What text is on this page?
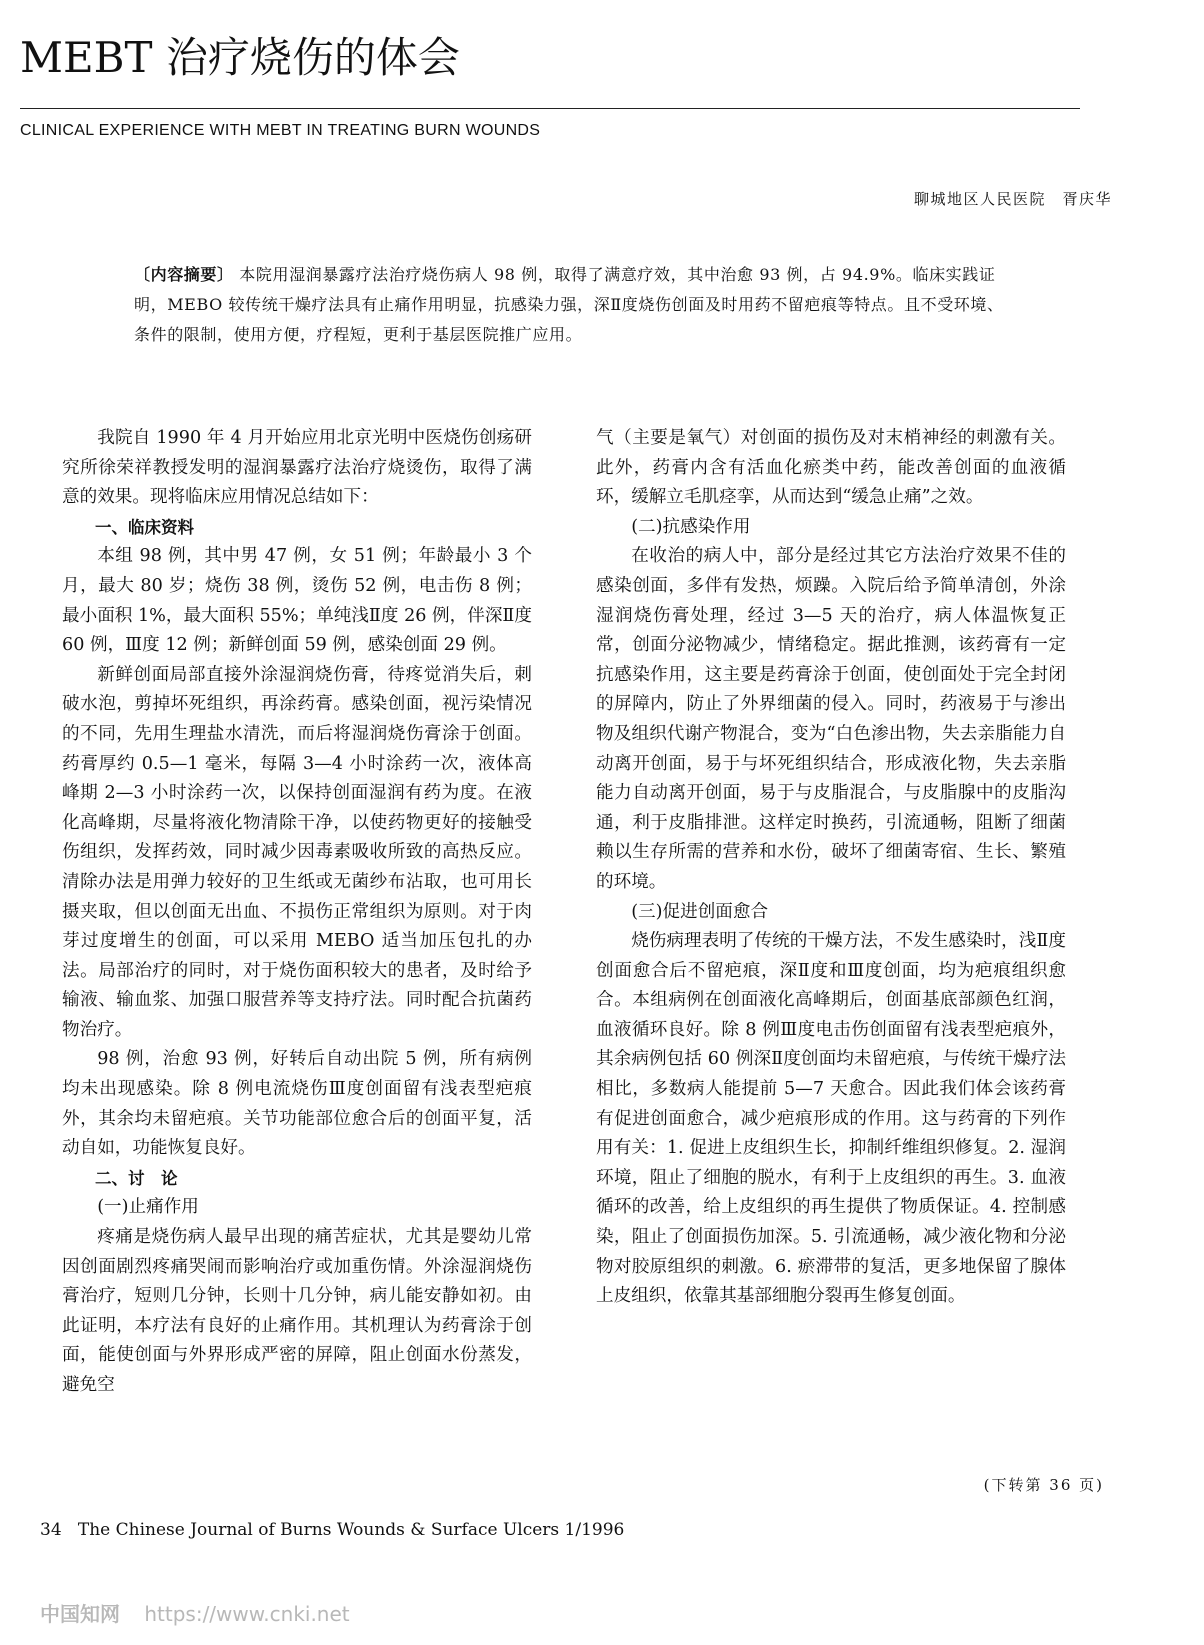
MEBT 治疗烧伤的体会
CLINICAL EXPERIENCE WITH MEBT IN TREATING BURN WOUNDS
聊城地区人民医院　胥庆华
〔内容摘要〕 本院用湿润暴露疗法治疗烧伤病人 98 例，取得了满意疗效，其中治愈 93 例，占 94.9%。临床实践证明，MEBO 较传统干燥疗法具有止痛作用明显，抗感染力强，深Ⅱ度烧伤创面及时用药不留疤痕等特点。且不受环境、条件的限制，使用方便，疗程短，更利于基层医院推广应用。

我院自 1990 年 4 月开始应用北京光明中医烧伤创疡研究所徐荣祥教授发明的湿润暴露疗法治疗烧烫伤，取得了满意的效果。现将临床应用情况总结如下：

一、临床资料

本组 98 例，其中男 47 例，女 51 例；年龄最小 3 个月，最大 80 岁；烧伤 38 例，烫伤 52 例，电击伤 8 例；最小面积 1%，最大面积 55%；单纯浅Ⅱ度 26 例，伴深Ⅱ度 60 例，Ⅲ度 12 例；新鲜创面 59 例，感染创面 29 例。

新鲜创面局部直接外涂湿润烧伤膏，待疼觉消失后，刺破水泡，剪掉坏死组织，再涂药膏。感染创面，视污染情况的不同，先用生理盐水清洗，而后将湿润烧伤膏涂于创面。药膏厚约 0.5—1 毫米，每隔 3—4 小时涂药一次，液体高峰期 2—3 小时涂药一次，以保持创面湿润有药为度。在液化高峰期，尽量将液化物清除干净，以使药物更好的接触受伤组织，发挥药效，同时减少因毒素吸收所致的高热反应。清除办法是用弹力较好的卫生纸或无菌纱布沾取，也可用长摄夹取，但以创面无出血、不损伤正常组织为原则。对于肉芽过度增生的创面，可以采用 MEBO 适当加压包扎的办法。局部治疗的同时，对于烧伤面积较大的患者，及时给予输液、输血浆、加强口服营养等支持疗法。同时配合抗菌药物治疗。

98 例，治愈 93 例，好转后自动出院 5 例，所有病例均未出现感染。除 8 例电流烧伤Ⅲ度创面留有浅表型疤痕外，其余均未留疤痕。关节功能部位愈合后的创面平复，活动自如，功能恢复良好。

二、讨　论
(一)止痛作用

疼痛是烧伤病人最早出现的痛苦症状，尤其是婴幼儿常因创面剧烈疼痛哭闹而影响治疗或加重伤情。外涂湿润烧伤膏治疗，短则几分钟，长则十几分钟，病儿能安静如初。由此证明，本疗法有良好的止痛作用。其机理认为药膏涂于创面，能使创面与外界形成严密的屏障，阻止创面水份蒸发，避免空

气（主要是氧气）对创面的损伤及对末梢神经的刺激有关。此外，药膏内含有活血化瘀类中药，能改善创面的血液循环，缓解立毛肌痉挛，从而达到“缓急止痛”之效。

(二)抗感染作用

在收治的病人中，部分是经过其它方法治疗效果不佳的感染创面，多伴有发热，烦躁。入院后给予简单清创，外涂湿润烧伤膏处理，经过 3—5 天的治疗，病人体温恢复正常，创面分泌物减少，情绪稳定。据此推测，该药膏有一定抗感染作用，这主要是药膏涂于创面，使创面处于完全封闭的屏障内，防止了外界细菌的侵入。同时，药液易于与渗出物及组织代谢产物混合，变为“白色渗出物，失去亲脂能力自动离开创面，易于与坏死组织结合，形成液化物，失去亲脂能力自动离开创面，易于与皮脂混合，与皮脂腺中的皮脂沟通，利于皮脂排泄。这样定时换药，引流通畅，阻断了细菌赖以生存所需的营养和水份，破坏了细菌寄宿、生长、繁殖的环境。

(三)促进创面愈合

烧伤病理表明了传统的干燥方法，不发生感染时，浅Ⅱ度创面愈合后不留疤痕，深Ⅱ度和Ⅲ度创面，均为疤痕组织愈合。本组病例在创面液化高峰期后，创面基底部颜色红润，血液循环良好。除 8 例Ⅲ度电击伤创面留有浅表型疤痕外，其余病例包括 60 例深Ⅱ度创面均未留疤痕，与传统干燥疗法相比，多数病人能提前 5—7 天愈合。因此我们体会该药膏有促进创面愈合，减少疤痕形成的作用。这与药膏的下列作用有关：1. 促进上皮组织生长，抑制纤维组织修复。2. 湿润环境，阻止了细胞的脱水，有利于上皮组织的再生。3. 血液循环的改善，给上皮组织的再生提供了物质保证。4. 控制感染，阻止了创面损伤加深。5. 引流通畅，减少液化物和分泌物对胶原组织的刺激。6. 瘀滞带的复活，更多地保留了腺体上皮组织，依靠其基部细胞分裂再生修复创面。

(下转第 36 页)
34 The Chinese Journal of Burns Wounds & Surface Ulcers 1/1996
中国知网 https://www.cnki.net
